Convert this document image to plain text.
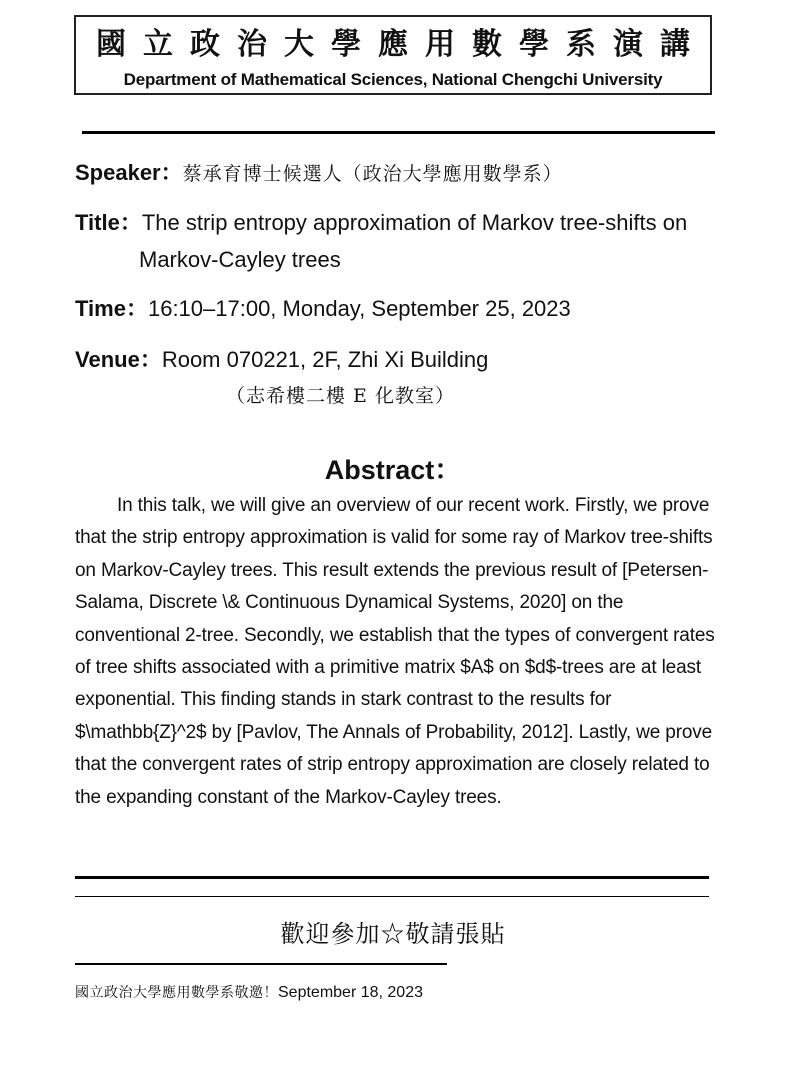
國立政治大學應用數學系演講
Department of Mathematical Sciences, National Chengchi University
Speaker：蔡承育博士候選人（政治大學應用數學系）
Title：The strip entropy approximation of Markov tree-shifts on
Markov-Cayley trees
Time：16:10–17:00, Monday, September 25, 2023
Venue：Room 070221, 2F, Zhi Xi Building
（志希樓二樓 E 化教室）
Abstract：
In this talk, we will give an overview of our recent work. Firstly, we prove that the strip entropy approximation is valid for some ray of Markov tree-shifts on Markov-Cayley trees. This result extends the previous result of [Petersen-Salama, Discrete \& Continuous Dynamical Systems, 2020] on the conventional 2-tree. Secondly, we establish that the types of convergent rates of tree shifts associated with a primitive matrix $A$ on $d$-trees are at least exponential. This finding stands in stark contrast to the results for $\mathbb{Z}^2$ by [Pavlov, The Annals of Probability, 2012]. Lastly, we prove that the convergent rates of strip entropy approximation are closely related to the expanding constant of the Markov-Cayley trees.
歡迎參加☆敬請張貼
國立政治大學應用數學系敬邀！September 18, 2023
